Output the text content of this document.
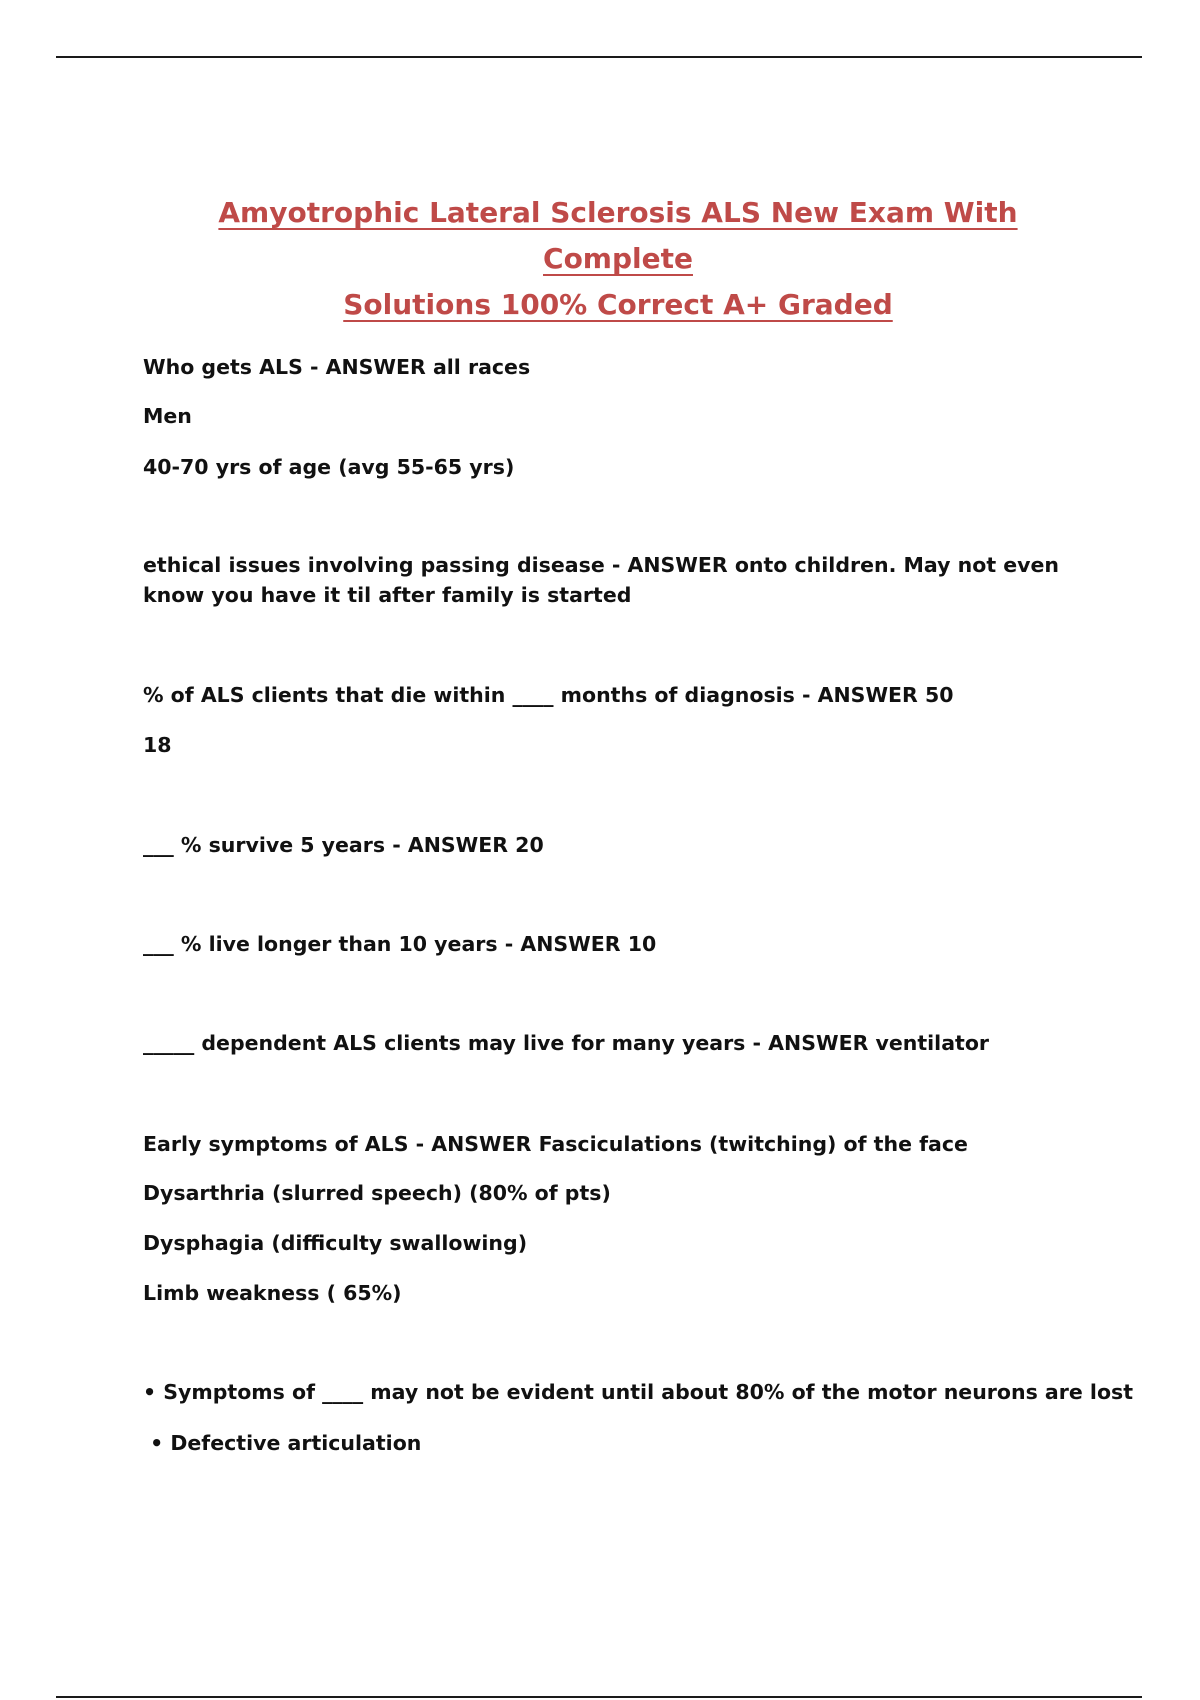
Amyotrophic Lateral Sclerosis ALS New Exam With Complete
Solutions 100% Correct A+ Graded

Who gets ALS - ANSWER all races

Men

40-70 yrs of age (avg 55-65 yrs)

ethical issues involving passing disease - ANSWER onto children. May not even know you have it til after family is started

% of ALS clients that die within ____ months of diagnosis - ANSWER 50

18

___ % survive 5 years - ANSWER 20

___ % live longer than 10 years - ANSWER 10

_____ dependent ALS clients may live for many years - ANSWER ventilator

Early symptoms of ALS - ANSWER Fasciculations (twitching) of the face

Dysarthria (slurred speech) (80% of pts)

Dysphagia (difficulty swallowing)

Limb weakness ( 65%)

• Symptoms of ____ may not be evident until about 80% of the motor neurons are lost

• Defective articulation
